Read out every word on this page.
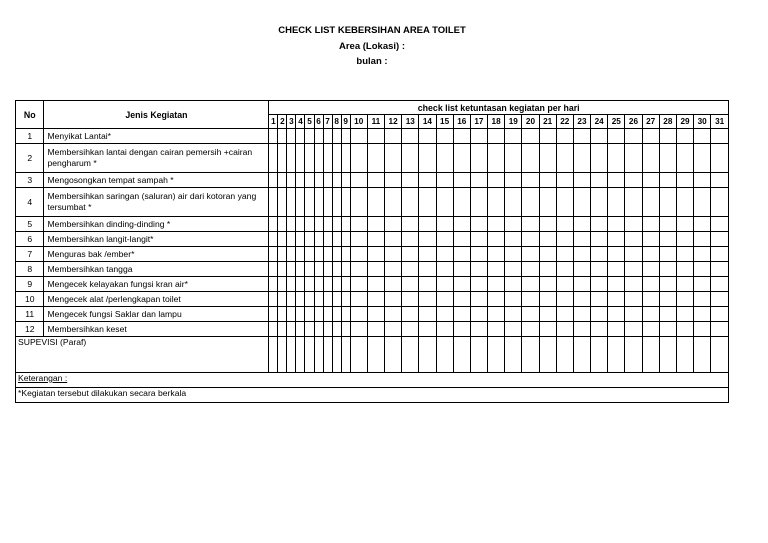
CHECK LIST KEBERSIHAN AREA TOILET
Area (Lokasi) :
bulan :
No	Jenis Kegiatan	check list ketuntasan kegiatan per hari																														
		1	2	3	4	5	6	7	8	9	10	11	12	13	14	15	16	17	18	19	20	21	22	23	24	25	26	27	28	29	30	31
1	Menyikat Lantai*																															
2	Membersihkan lantai dengan cairan pemersih +cairan pengharum *																															
3	Mengosongkan tempat sampah *																															
4	Membersihkan saringan (saluran) air dari kotoran yang tersumbat *																															
5	Membersihkan dinding-dinding *																															
6	Membersihkan langit-langit*																															
7	Menguras bak /ember*																															
8	Membersihkan tangga																															
9	Mengecek kelayakan fungsi kran air*																															
10	Mengecek alat /perlengkapan toilet																															
11	Mengecek fungsi Saklar dan lampu																															
12	Membersihkan keset																															
SUPEVISI (Paraf)																																
Keterangan :																																
*Kegiatan tersebut dilakukan secara berkala																																
